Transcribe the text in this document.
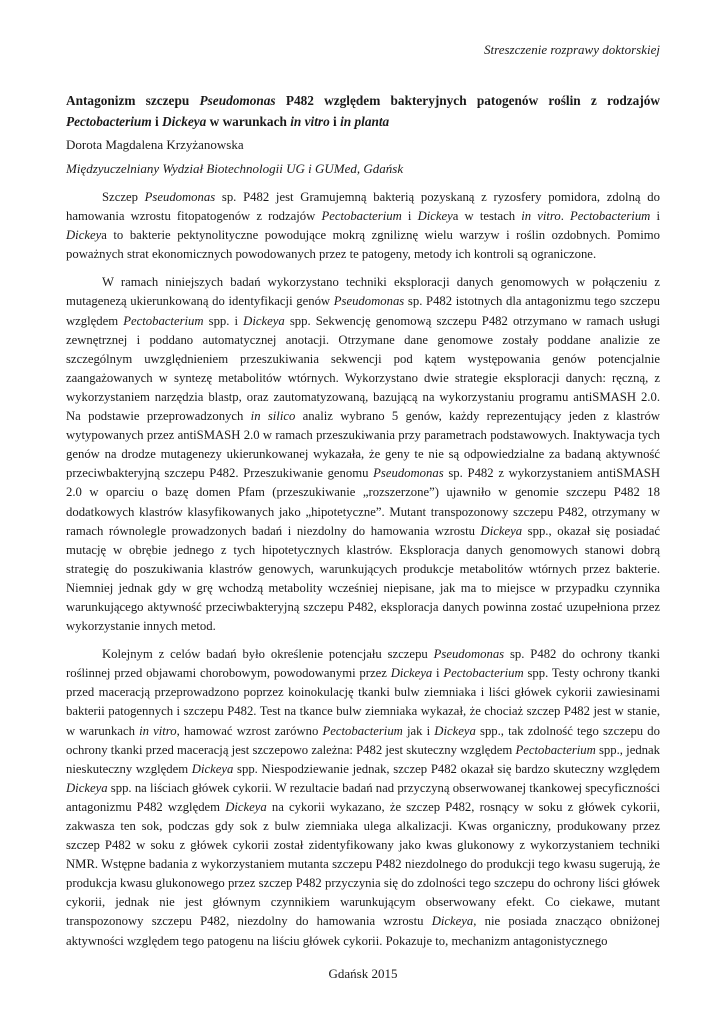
Streszczenie rozprawy doktorskiej
Antagonizm szczepu Pseudomonas P482 względem bakteryjnych patogenów roślin z rodzajów Pectobacterium i Dickeya w warunkach in vitro i in planta
Dorota Magdalena Krzyżanowska
Międzyuczelniany Wydział Biotechnologii UG i GUMed, Gdańsk

Szczep Pseudomonas sp. P482 jest Gramujemną bakterią pozyskaną z ryzosfery pomidora, zdolną do hamowania wzrostu fitopatogenów z rodzajów Pectobacterium i Dickeya w testach in vitro. Pectobacterium i Dickeya to bakterie pektynolityczne powodujące mokrą zgniliznę wielu warzyw i roślin ozdobnych. Pomimo poważnych strat ekonomicznych powodowanych przez te patogeny, metody ich kontroli są ograniczone.

W ramach niniejszych badań wykorzystano techniki eksploracji danych genomowych w połączeniu z mutagenezą ukierunkowaną do identyfikacji genów Pseudomonas sp. P482 istotnych dla antagonizmu tego szczepu względem Pectobacterium spp. i Dickeya spp. Sekwencję genomową szczepu P482 otrzymano w ramach usługi zewnętrznej i poddano automatycznej anotacji. Otrzymane dane genomowe zostały poddane analizie ze szczególnym uwzględnieniem przeszukiwania sekwencji pod kątem występowania genów potencjalnie zaangażowanych w syntezę metabolitów wtórnych. Wykorzystano dwie strategie eksploracji danych: ręczną, z wykorzystaniem narzędzia blastp, oraz zautomatyzowaną, bazującą na wykorzystaniu programu antiSMASH 2.0. Na podstawie przeprowadzonych in silico analiz wybrano 5 genów, każdy reprezentujący jeden z klastrów wytypowanych przez antiSMASH 2.0 w ramach przeszukiwania przy parametrach podstawowych. Inaktywacja tych genów na drodze mutagenezy ukierunkowanej wykazała, że geny te nie są odpowiedzialne za badaną aktywność przeciwbakteryjną szczepu P482. Przeszukiwanie genomu Pseudomonas sp. P482 z wykorzystaniem antiSMASH 2.0 w oparciu o bazę domen Pfam (przeszukiwanie „rozszerzone”) ujawniło w genomie szczepu P482 18 dodatkowych klastrów klasyfikowanych jako „hipotetyczne”. Mutant transpozonowy szczepu P482, otrzymany w ramach równolegle prowadzonych badań i niezdolny do hamowania wzrostu Dickeya spp., okazał się posiadać mutację w obrębie jednego z tych hipotetycznych klastrów. Eksploracja danych genomowych stanowi dobrą strategię do poszukiwania klastrów genowych, warunkujących produkcje metabolitów wtórnych przez bakterie. Niemniej jednak gdy w grę wchodzą metabolity wcześniej niepisane, jak ma to miejsce w przypadku czynnika warunkującego aktywność przeciwbakteryjną szczepu P482, eksploracja danych powinna zostać uzupełniona przez wykorzystanie innych metod.

Kolejnym z celów badań było określenie potencjału szczepu Pseudomonas sp. P482 do ochrony tkanki roślinnej przed objawami chorobowym, powodowanymi przez Dickeya i Pectobacterium spp. Testy ochrony tkanki przed maceracją przeprowadzono poprzez koinokulację tkanki bulw ziemniaka i liści główek cykorii zawiesinami bakterii patogennych i szczepu P482. Test na tkance bulw ziemniaka wykazał, że chociaż szczep P482 jest w stanie, w warunkach in vitro, hamować wzrost zarówno Pectobacterium jak i Dickeya spp., tak zdolność tego szczepu do ochrony tkanki przed maceracją jest szczepowo zależna: P482 jest skuteczny względem Pectobacterium spp., jednak nieskuteczny względem Dickeya spp. Niespodziewanie jednak, szczep P482 okazał się bardzo skuteczny względem Dickeya spp. na liściach główek cykorii. W rezultacie badań nad przyczyną obserwowanej tkankowej specyficzności antagonizmu P482 względem Dickeya na cykorii wykazano, że szczep P482, rosnący w soku z główek cykorii, zakwasza ten sok, podczas gdy sok z bulw ziemniaka ulega alkalizacji. Kwas organiczny, produkowany przez szczep P482 w soku z główek cykorii został zidentyfikowany jako kwas glukonowy z wykorzystaniem techniki NMR. Wstępne badania z wykorzystaniem mutanta szczepu P482 niezdolnego do produkcji tego kwasu sugerują, że produkcja kwasu glukonowego przez szczep P482 przyczynia się do zdolności tego szczepu do ochrony liści główek cykorii, jednak nie jest głównym czynnikiem warunkującym obserwowany efekt. Co ciekawe, mutant transpozonowy szczepu P482, niezdolny do hamowania wzrostu Dickeya, nie posiada znacząco obniżonej aktywności względem tego patogenu na liściu główek cykorii. Pokazuje to, mechanizm antagonistycznego

Gdańsk 2015
